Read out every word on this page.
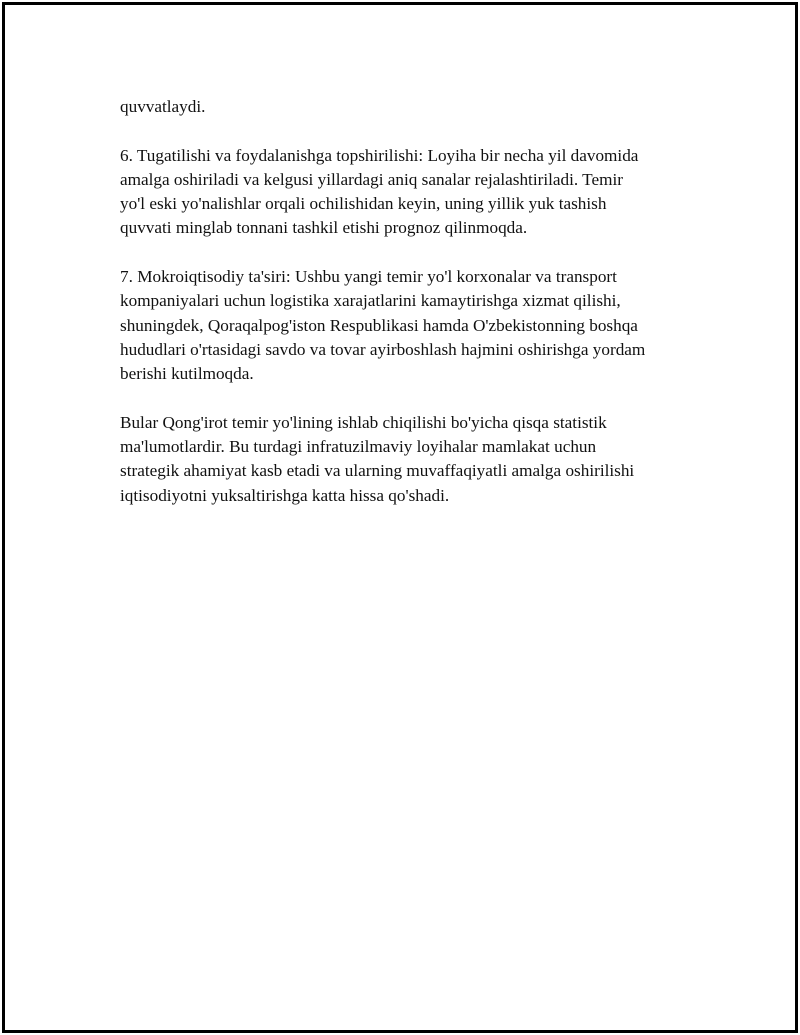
quvvatlaydi.

6. Tugatilishi va foydalanishga topshirilishi: Loyiha bir necha yil davomida
amalga oshiriladi va kelgusi yillardagi aniq sanalar rejalashtiriladi. Temir
yo'l eski yo'nalishlar orqali ochilishidan keyin, uning yillik yuk tashish
quvvati minglab tonnani tashkil etishi prognoz qilinmoqda.

7. Mokroiqtisodiy ta'siri: Ushbu yangi temir yo'l korxonalar va transport
kompaniyalari uchun logistika xarajatlarini kamaytirishga xizmat qilishi,
shuningdek, Qoraqalpog'iston Respublikasi hamda O'zbekistonning boshqa
hududlari o'rtasidagi savdo va tovar ayirboshlash hajmini oshirishga yordam
berishi kutilmoqda.

Bular Qong'irot temir yo'lining ishlab chiqilishi bo'yicha qisqa statistik
ma'lumotlardir. Bu turdagi infratuzilmaviy loyihalar mamlakat uchun
strategik ahamiyat kasb etadi va ularning muvaffaqiyatli amalga oshirilishi
iqtisodiyotni yuksaltirishga katta hissa qo'shadi.
